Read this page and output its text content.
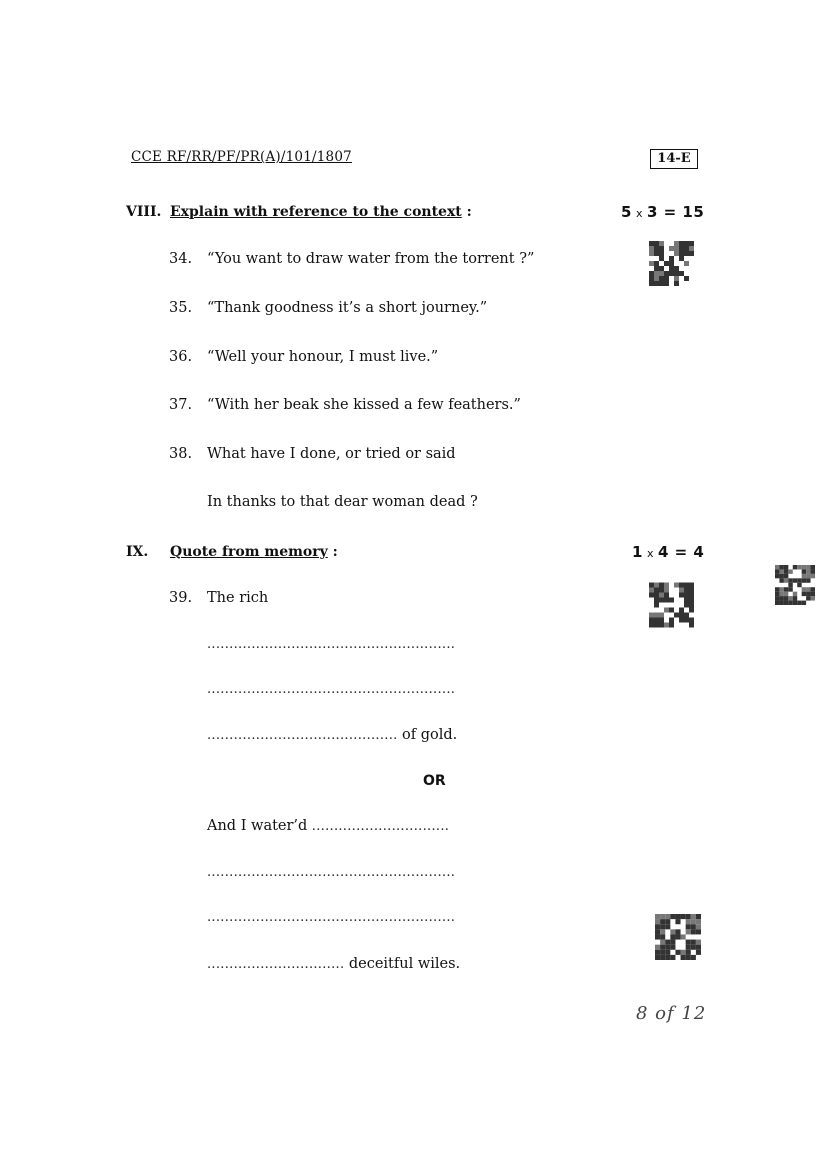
CCE RF/RR/PF/PR(A)/101/1807	14-E
VIII. Explain with reference to the context :	5 x 3 = 15
34. “You want to draw water from the torrent ?”
35. “Thank goodness it’s a short journey.”
36. “Well your honour, I must live.”
37. “With her beak she kissed a few feathers.”
38. What have I done, or tried or said
In thanks to that dear woman dead ?
IX. Quote from memory :	1 x 4 = 4
39. The rich
........................................................
........................................................
........................................... of gold.
OR
And I water’d ...............................
........................................................
........................................................
............................... deceitful wiles.
8 of 12
